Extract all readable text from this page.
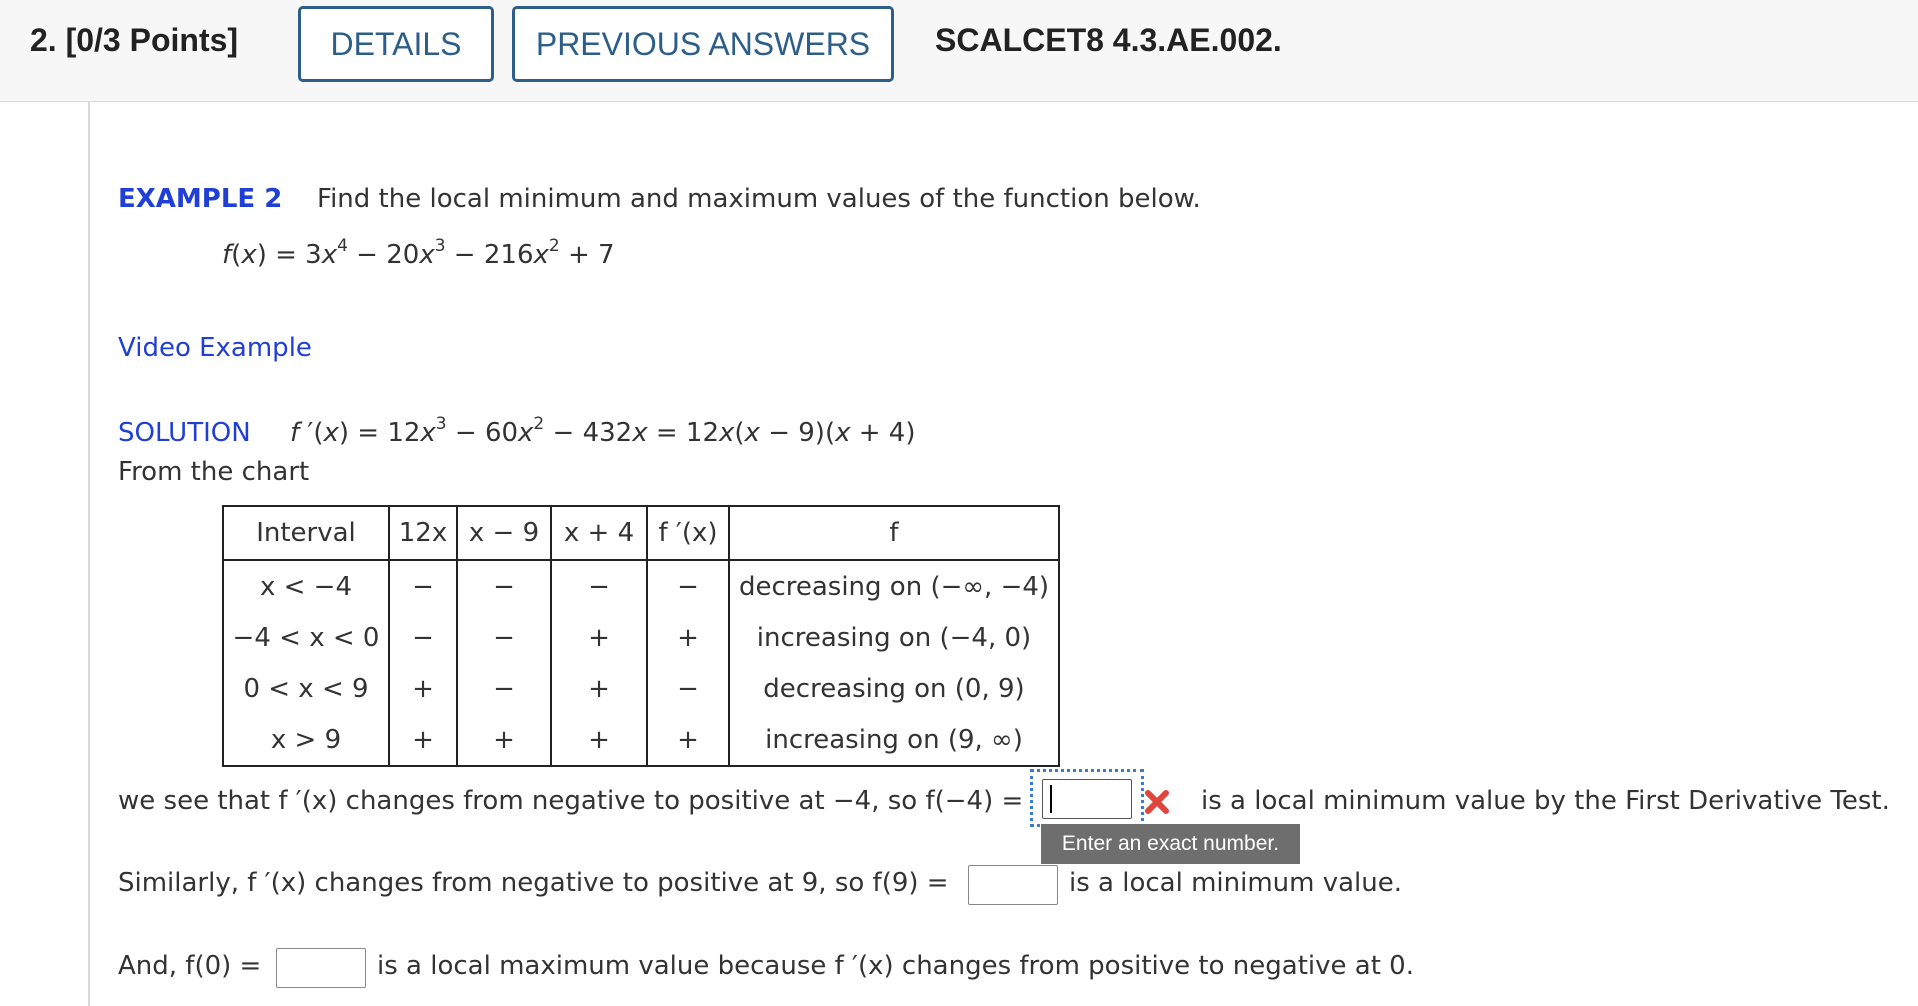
2. [0/3 Points]	DETAILS	PREVIOUS ANSWERS	SCALCET8 4.3.AE.002.
EXAMPLE 2 Find the local minimum and maximum values of the function below.
$f(x) = 3x^4 - 20x^3 - 216x^2 + 7$
Video Example
SOLUTION f $'(x) = 12x^3 - 60x^2 - 432x = 12x(x - 9)(x + 4)$
From the chart
Interval	12x	x − 9	x + 4	f ′(x)	f
x < −4	−	−	−	−	decreasing on (−∞, −4)
−4 < x < 0	−	−	+	+	increasing on (−4, 0)
0 < x < 9	+	−	+	−	decreasing on (0, 9)
x > 9	+	+	+	+	increasing on (9, ∞)
we see that f ′(x) changes from negative to positive at −4, so f(−4) =	is a local minimum value by the First Derivative Test.
Enter an exact number.
Similarly, f ′(x) changes from negative to positive at 9, so f(9) =	is a local minimum value.
And, f(0) =	is a local maximum value because f ′(x) changes from positive to negative at 0.
